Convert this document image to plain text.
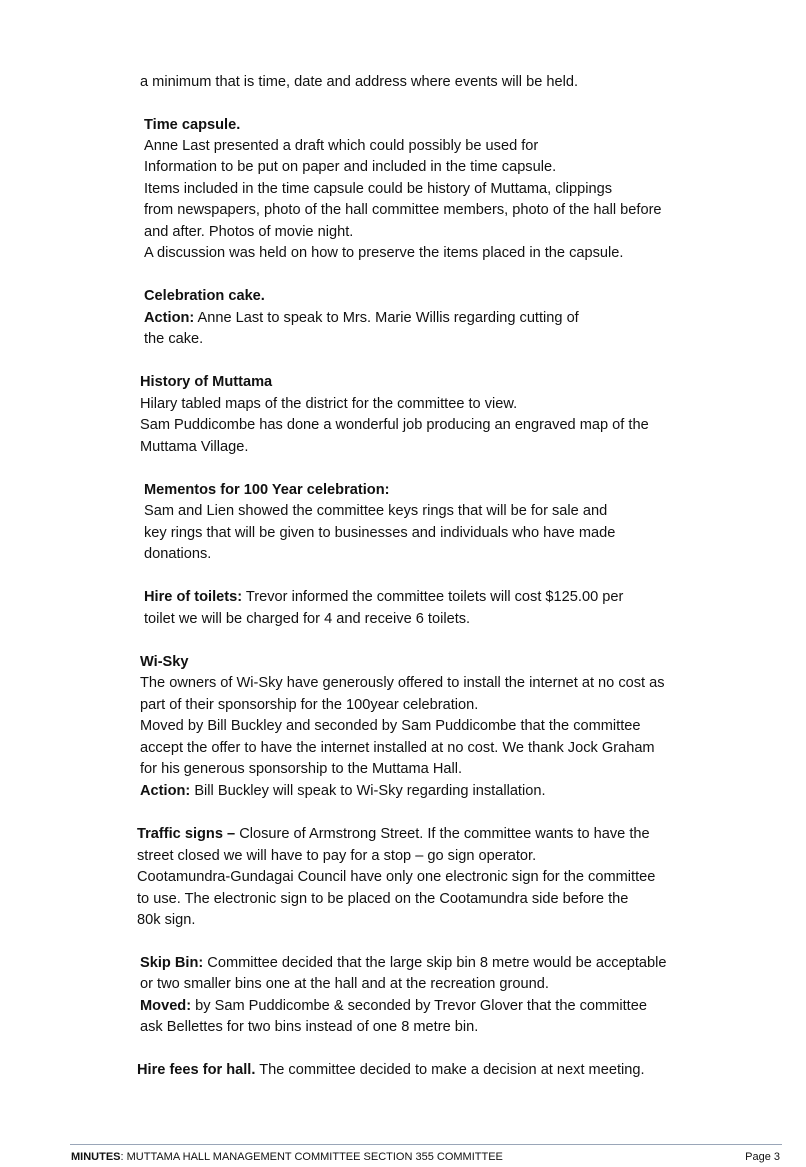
a minimum that is time, date and address where events will be held.
Time capsule.
Anne Last presented a draft which could possibly be used for
Information to be put on paper and included in the time capsule.
Items included in the time capsule could be history of Muttama, clippings
from newspapers, photo of the hall committee members, photo of the hall before
and after. Photos of movie night.
A discussion was held on how to preserve the items placed in the capsule.
Celebration cake.
Action: Anne Last to speak to Mrs. Marie Willis regarding cutting of
the cake.
History of Muttama
Hilary tabled maps of the district for the committee to view.
Sam Puddicombe has done a wonderful job producing an engraved map of the
Muttama Village.
Mementos for 100 Year celebration:
Sam and Lien showed the committee keys rings that will be for sale and
key rings that will be given to businesses and individuals who have made
donations.
Hire of toilets: Trevor informed the committee toilets will cost $125.00 per
toilet we will be charged for 4 and receive 6 toilets.
Wi-Sky
The owners of Wi-Sky have generously offered to install the internet at no cost as
part of their sponsorship for the 100year celebration.
Moved by Bill Buckley and seconded by Sam Puddicombe that the committee
accept the offer to have the internet installed at no cost. We thank Jock Graham
for his generous sponsorship to the Muttama Hall.
Action: Bill Buckley will speak to Wi-Sky regarding installation.
Traffic signs – Closure of Armstrong Street. If the committee wants to have the
street closed we will have to pay for a stop – go sign operator.
Cootamundra-Gundagai Council have only one electronic sign for the committee
to use. The electronic sign to be placed on the Cootamundra side before the
80k sign.
Skip Bin: Committee decided that the large skip bin 8 metre would be acceptable
or two smaller bins one at the hall and at the recreation ground.
Moved: by Sam Puddicombe & seconded by Trevor Glover that the committee
ask Bellettes for two bins instead of one 8 metre bin.
Hire fees for hall. The committee decided to make a decision at next meeting.
MINUTES: MUTTAMA HALL MANAGEMENT COMMITTEE SECTION 355 COMMITTEE	Page 3
